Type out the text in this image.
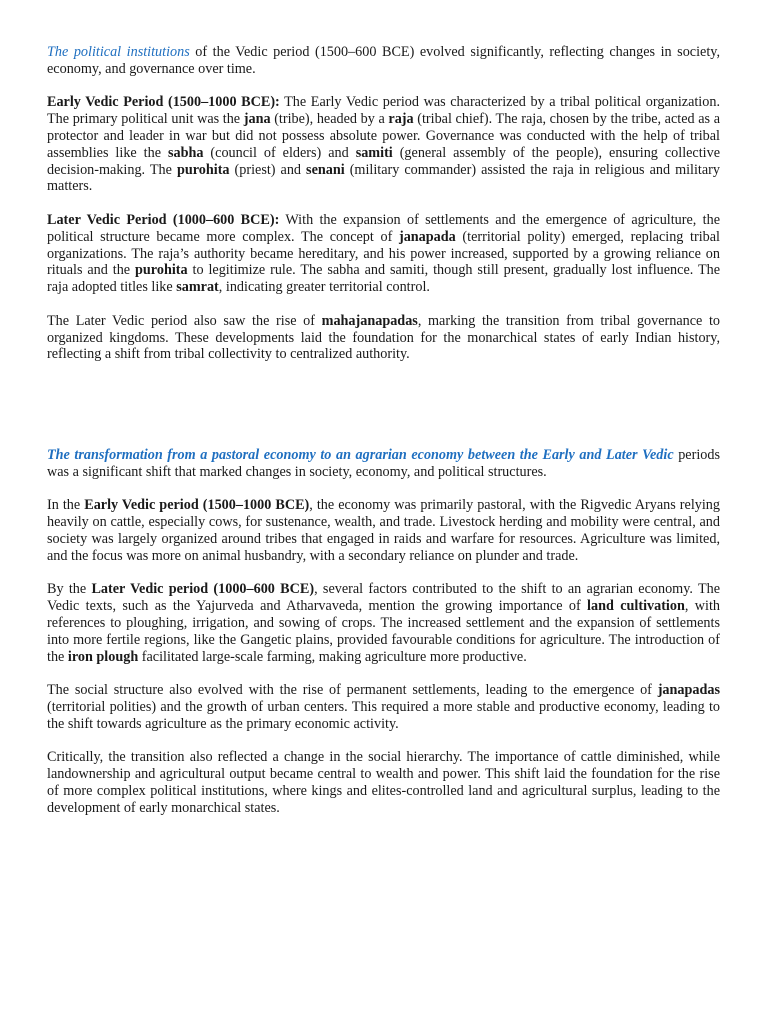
The political institutions of the Vedic period (1500–600 BCE) evolved significantly, reflecting changes in society, economy, and governance over time.

Early Vedic Period (1500–1000 BCE): The Early Vedic period was characterized by a tribal political organization. The primary political unit was the jana (tribe), headed by a raja (tribal chief). The raja, chosen by the tribe, acted as a protector and leader in war but did not possess absolute power. Governance was conducted with the help of tribal assemblies like the sabha (council of elders) and samiti (general assembly of the people), ensuring collective decision-making. The purohita (priest) and senani (military commander) assisted the raja in religious and military matters.

Later Vedic Period (1000–600 BCE): With the expansion of settlements and the emergence of agriculture, the political structure became more complex. The concept of janapada (territorial polity) emerged, replacing tribal organizations. The raja’s authority became hereditary, and his power increased, supported by a growing reliance on rituals and the purohita to legitimize rule. The sabha and samiti, though still present, gradually lost influence. The raja adopted titles like samrat, indicating greater territorial control.

The Later Vedic period also saw the rise of mahajanapadas, marking the transition from tribal governance to organized kingdoms. These developments laid the foundation for the monarchical states of early Indian history, reflecting a shift from tribal collectivity to centralized authority.

The transformation from a pastoral economy to an agrarian economy between the Early and Later Vedic periods was a significant shift that marked changes in society, economy, and political structures.

In the Early Vedic period (1500–1000 BCE), the economy was primarily pastoral, with the Rigvedic Aryans relying heavily on cattle, especially cows, for sustenance, wealth, and trade. Livestock herding and mobility were central, and society was largely organized around tribes that engaged in raids and warfare for resources. Agriculture was limited, and the focus was more on animal husbandry, with a secondary reliance on plunder and trade.

By the Later Vedic period (1000–600 BCE), several factors contributed to the shift to an agrarian economy. The Vedic texts, such as the Yajurveda and Atharvaveda, mention the growing importance of land cultivation, with references to ploughing, irrigation, and sowing of crops. The increased settlement and the expansion of settlements into more fertile regions, like the Gangetic plains, provided favourable conditions for agriculture. The introduction of the iron plough facilitated large-scale farming, making agriculture more productive.

The social structure also evolved with the rise of permanent settlements, leading to the emergence of janapadas (territorial polities) and the growth of urban centers. This required a more stable and productive economy, leading to the shift towards agriculture as the primary economic activity.

Critically, the transition also reflected a change in the social hierarchy. The importance of cattle diminished, while landownership and agricultural output became central to wealth and power. This shift laid the foundation for the rise of more complex political institutions, where kings and elites-controlled land and agricultural surplus, leading to the development of early monarchical states.
